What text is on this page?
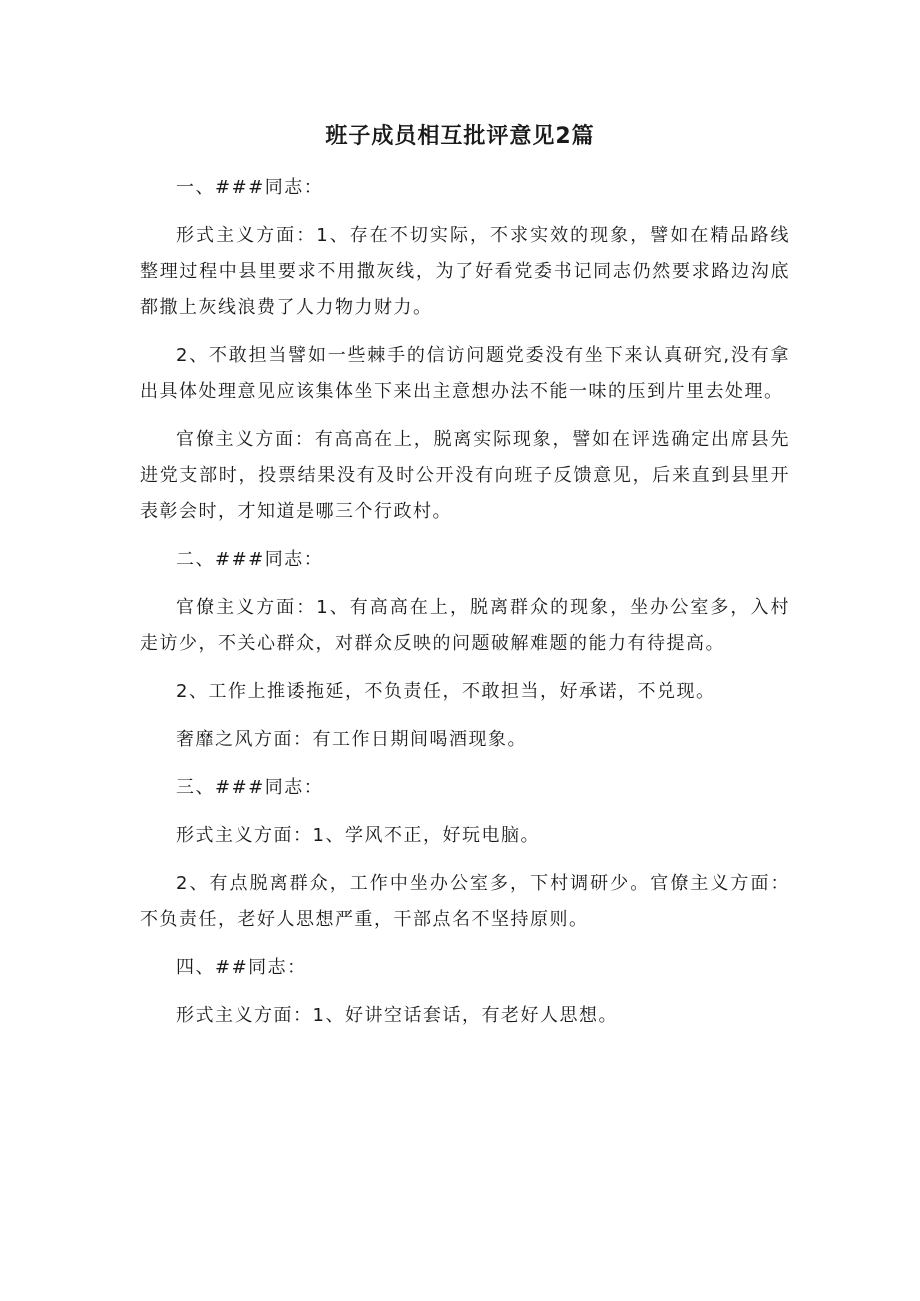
班子成员相互批评意见2篇

一、###同志：

形式主义方面：1、存在不切实际，不求实效的现象，譬如在精品路线整理过程中县里要求不用撒灰线，为了好看党委书记同志仍然要求路边沟底都撒上灰线浪费了人力物力财力。

2、不敢担当譬如一些棘手的信访问题党委没有坐下来认真研究,没有拿出具体处理意见应该集体坐下来出主意想办法不能一味的压到片里去处理。

官僚主义方面：有高高在上，脱离实际现象，譬如在评选确定出席县先进党支部时，投票结果没有及时公开没有向班子反馈意见，后来直到县里开表彰会时，才知道是哪三个行政村。

二、###同志：

官僚主义方面：1、有高高在上，脱离群众的现象，坐办公室多，入村走访少，不关心群众，对群众反映的问题破解难题的能力有待提高。

2、工作上推诿拖延，不负责任，不敢担当，好承诺，不兑现。

奢靡之风方面：有工作日期间喝酒现象。

三、###同志：

形式主义方面：1、学风不正，好玩电脑。

2、有点脱离群众，工作中坐办公室多，下村调研少。官僚主义方面：不负责任，老好人思想严重，干部点名不坚持原则。

四、##同志：

形式主义方面：1、好讲空话套话，有老好人思想。
